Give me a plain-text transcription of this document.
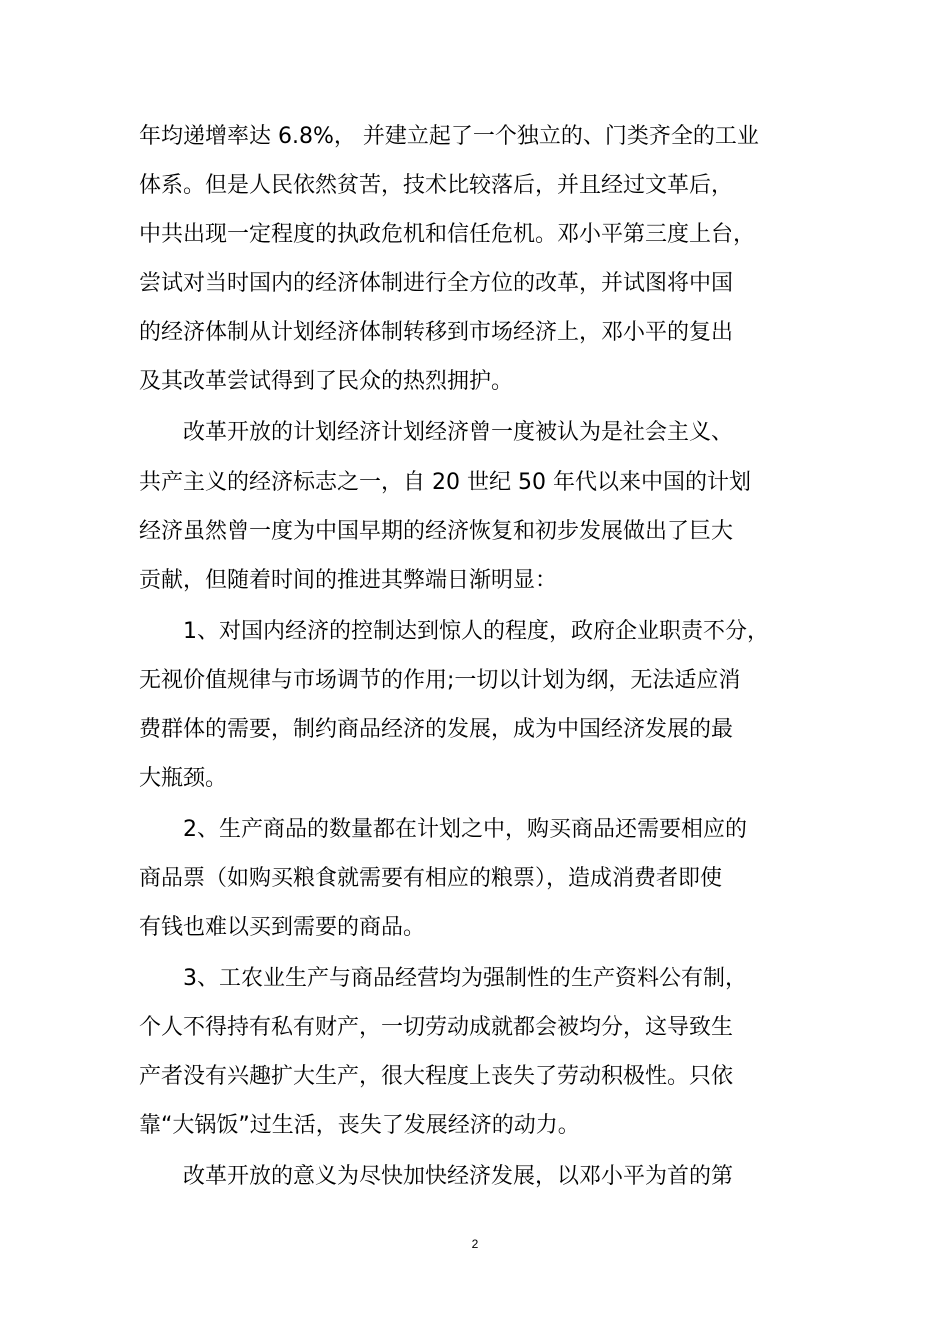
年均递增率达 6.8%， 并建立起了一个独立的、门类齐全的工业
体系。但是人民依然贫苦，技术比较落后，并且经过文革后，
中共出现一定程度的执政危机和信任危机。邓小平第三度上台，
尝试对当时国内的经济体制进行全方位的改革，并试图将中国
的经济体制从计划经济体制转移到市场经济上，邓小平的复出
及其改革尝试得到了民众的热烈拥护。
改革开放的计划经济计划经济曾一度被认为是社会主义、
共产主义的经济标志之一，自 20 世纪 50 年代以来中国的计划
经济虽然曾一度为中国早期的经济恢复和初步发展做出了巨大
贡献，但随着时间的推进其弊端日渐明显：
1、对国内经济的控制达到惊人的程度，政府企业职责不分，
无视价值规律与市场调节的作用;一切以计划为纲，无法适应消
费群体的需要，制约商品经济的发展，成为中国经济发展的最
大瓶颈。
2、生产商品的数量都在计划之中，购买商品还需要相应的
商品票（如购买粮食就需要有相应的粮票），造成消费者即使
有钱也难以买到需要的商品。
3、工农业生产与商品经营均为强制性的生产资料公有制，
个人不得持有私有财产，一切劳动成就都会被均分，这导致生
产者没有兴趣扩大生产，很大程度上丧失了劳动积极性。只依
靠“大锅饭”过生活，丧失了发展经济的动力。
改革开放的意义为尽快加快经济发展，以邓小平为首的第
2
